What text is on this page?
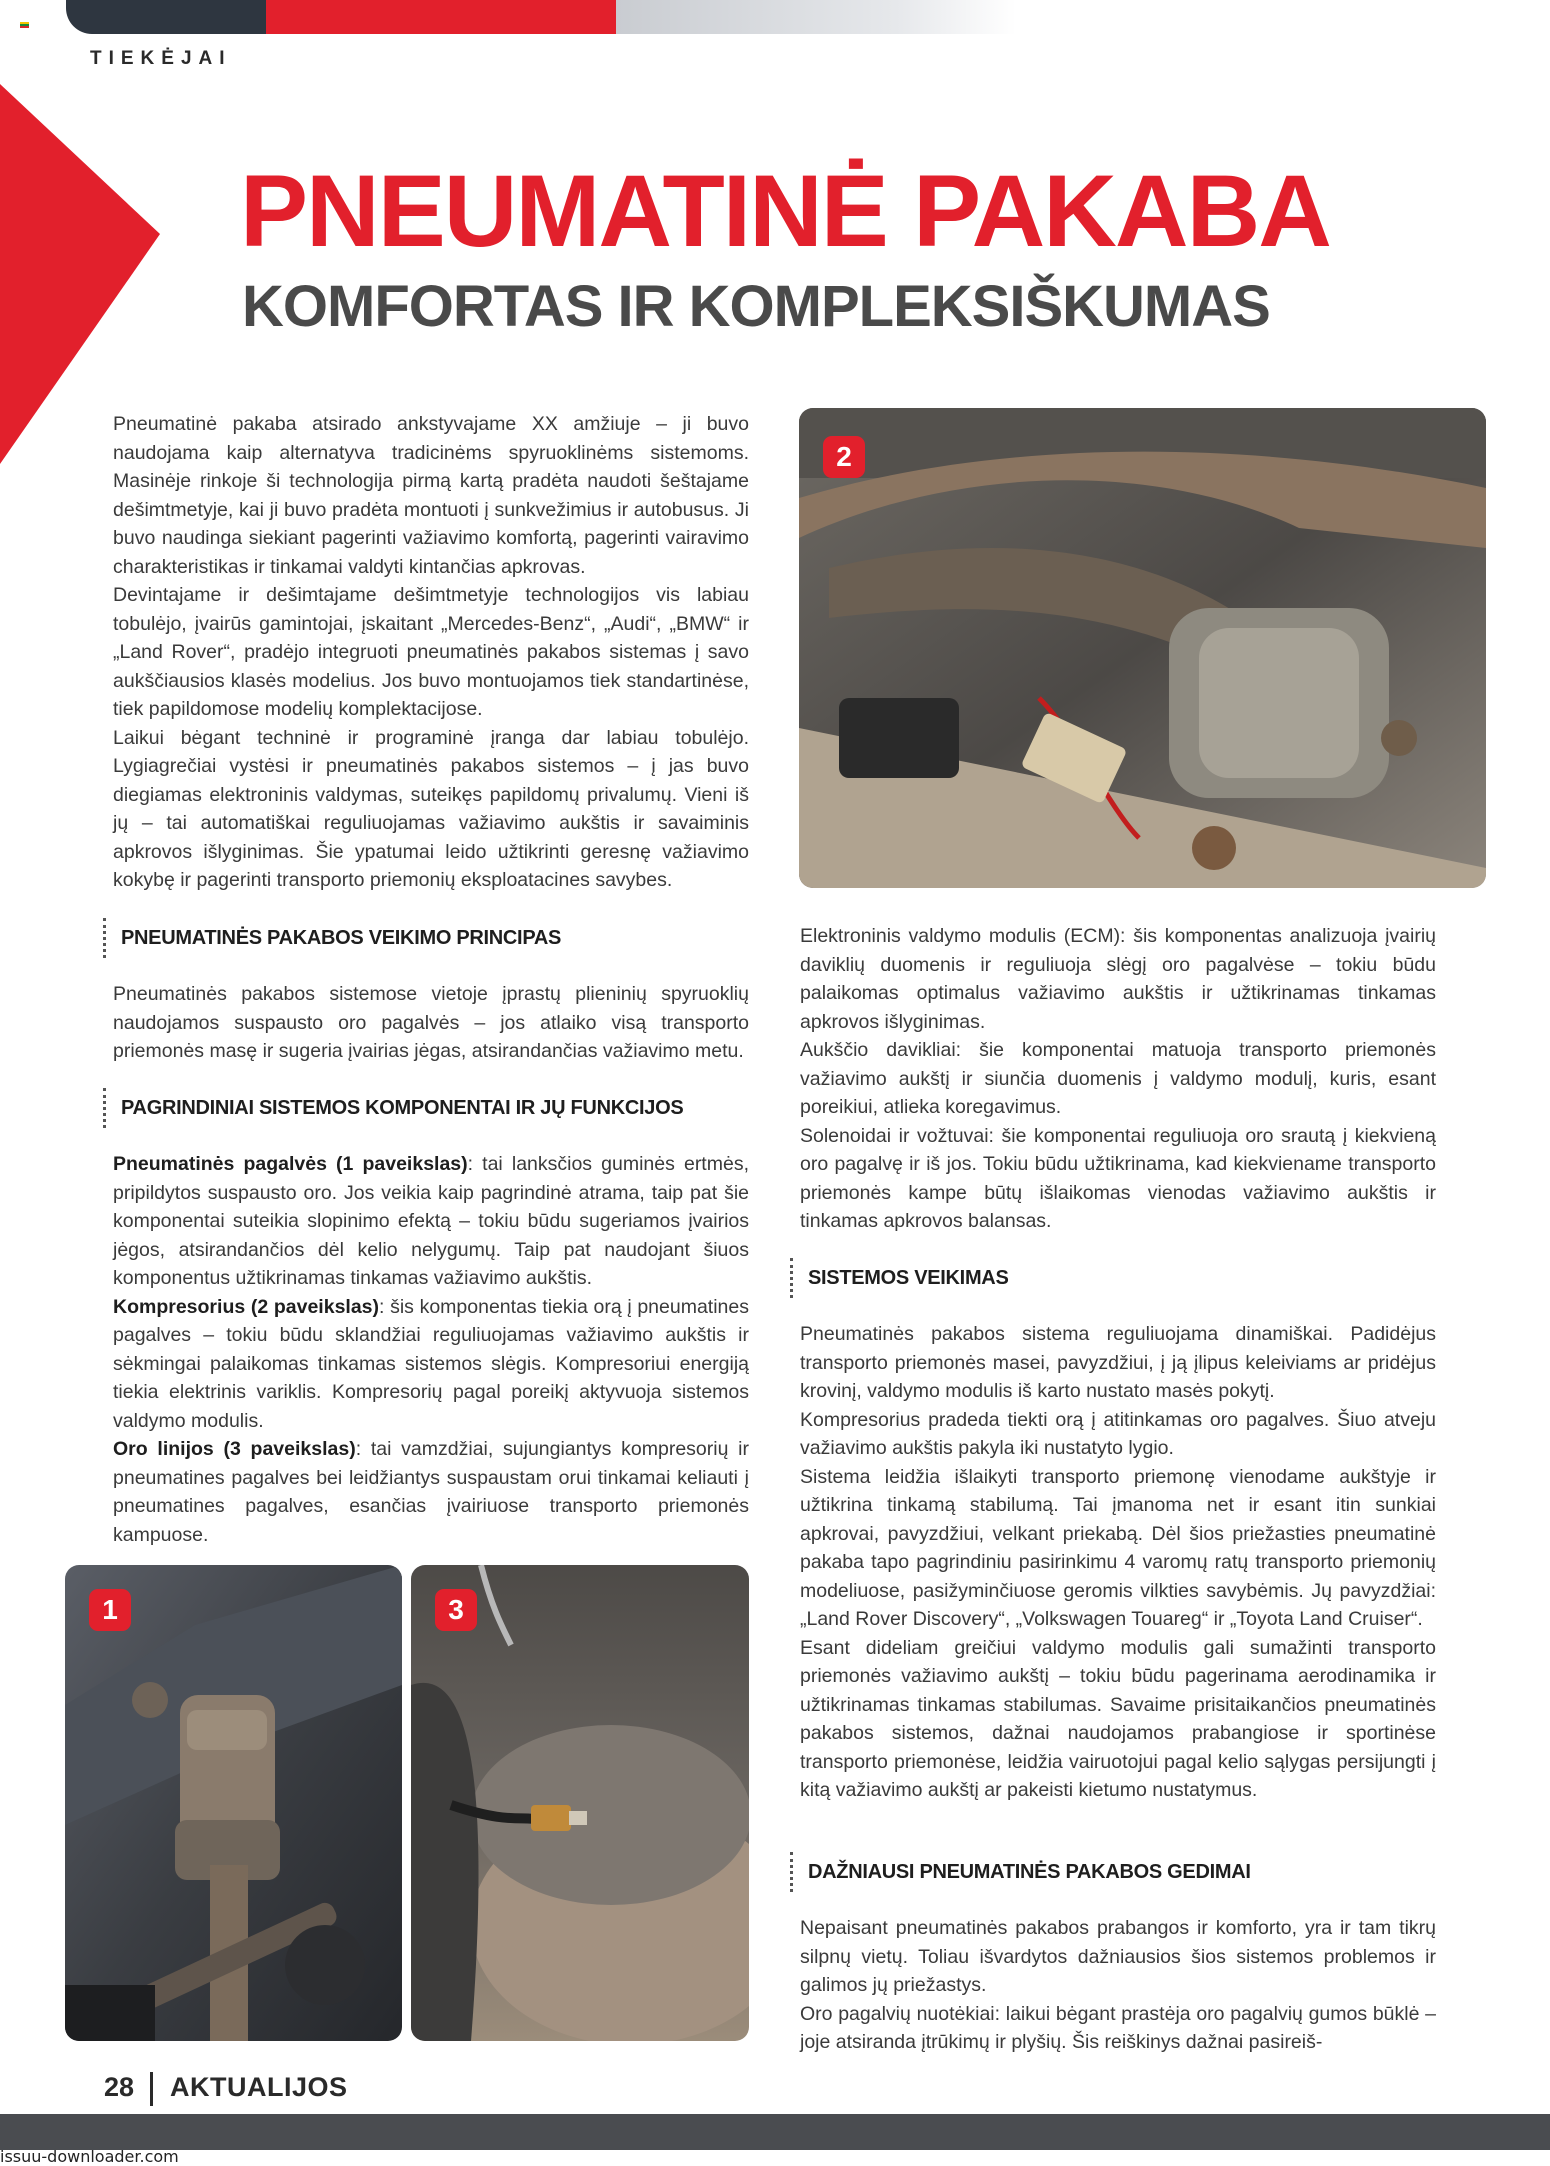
TIEKĖJAI
PNEUMATINĖ PAKABA
KOMFORTAS IR KOMPLEKSIŠKUMAS

Pneumatinė pakaba atsirado ankstyvajame XX amžiuje – ji buvo naudojama kaip alternatyva tradicinėms spyruoklinėms sistemoms. Masinėje rinkoje ši technologija pirmą kartą pradėta naudoti šeštajame dešimtmetyje, kai ji buvo pradėta montuoti į sunkvežimius ir autobusus. Ji buvo naudinga siekiant pagerinti važiavimo komfortą, pagerinti vairavimo charakteristikas ir tinkamai valdyti kintančias apkrovas.

Devintajame ir dešimtajame dešimtmetyje technologijos vis labiau tobulėjo, įvairūs gamintojai, įskaitant „Mercedes-Benz“, „Audi“, „BMW“ ir „Land Rover“, pradėjo integruoti pneumatinės pakabos sistemas į savo aukščiausios klasės modelius. Jos buvo montuojamos tiek standartinėse, tiek papildomose modelių komplektacijose.

Laikui bėgant techninė ir programinė įranga dar labiau tobulėjo. Lygiagrečiai vystėsi ir pneumatinės pakabos sistemos – į jas buvo diegiamas elektroninis valdymas, suteikęs papildomų privalumų. Vieni iš jų – tai automatiškai reguliuojamas važiavimo aukštis ir savaiminis apkrovos išlyginimas. Šie ypatumai leido užtikrinti geresnę važiavimo kokybę ir pagerinti transporto priemonių eksploatacines savybes.

PNEUMATINĖS PAKABOS VEIKIMO PRINCIPAS

Pneumatinės pakabos sistemose vietoje įprastų plieninių spyruoklių naudojamos suspausto oro pagalvės – jos atlaiko visą transporto priemonės masę ir sugeria įvairias jėgas, atsirandančias važiavimo metu.

PAGRINDINIAI SISTEMOS KOMPONENTAI IR JŲ FUNKCIJOS

Pneumatinės pagalvės (1 paveikslas): tai lanksčios guminės ertmės, pripildytos suspausto oro. Jos veikia kaip pagrindinė atrama, taip pat šie komponentai suteikia slopinimo efektą – tokiu būdu sugeriamos įvairios jėgos, atsirandančios dėl kelio nelygumų. Taip pat naudojant šiuos komponentus užtikrinamas tinkamas važiavimo aukštis.

Kompresorius (2 paveikslas): šis komponentas tiekia orą į pneumatines pagalves – tokiu būdu sklandžiai reguliuojamas važiavimo aukštis ir sėkmingai palaikomas tinkamas sistemos slėgis. Kompresoriui energiją tiekia elektrinis variklis. Kompresorių pagal poreikį aktyvuoja sistemos valdymo modulis.

Oro linijos (3 paveikslas): tai vamzdžiai, sujungiantys kompresorių ir pneumatines pagalves bei leidžiantys suspaustam orui tinkamai keliauti į pneumatines pagalves, esančias įvairiuose transporto priemonės kampuose.

1	3
2

Elektroninis valdymo modulis (ECM): šis komponentas analizuoja įvairių daviklių duomenis ir reguliuoja slėgį oro pagalvėse – tokiu būdu palaikomas optimalus važiavimo aukštis ir užtikrinamas tinkamas apkrovos išlyginimas.

Aukščio davikliai: šie komponentai matuoja transporto priemonės važiavimo aukštį ir siunčia duomenis į valdymo modulį, kuris, esant poreikiui, atlieka koregavimus.

Solenoidai ir vožtuvai: šie komponentai reguliuoja oro srautą į kiekvieną oro pagalvę ir iš jos. Tokiu būdu užtikrinama, kad kiekviename transporto priemonės kampe būtų išlaikomas vienodas važiavimo aukštis ir tinkamas apkrovos balansas.

SISTEMOS VEIKIMAS

Pneumatinės pakabos sistema reguliuojama dinamiškai. Padidėjus transporto priemonės masei, pavyzdžiui, į ją įlipus keleiviams ar pridėjus krovinį, valdymo modulis iš karto nustato masės pokytį.

Kompresorius pradeda tiekti orą į atitinkamas oro pagalves. Šiuo atveju važiavimo aukštis pakyla iki nustatyto lygio.

Sistema leidžia išlaikyti transporto priemonę vienodame aukštyje ir užtikrina tinkamą stabilumą. Tai įmanoma net ir esant itin sunkiai apkrovai, pavyzdžiui, velkant priekabą. Dėl šios priežasties pneumatinė pakaba tapo pagrindiniu pasirinkimu 4 varomų ratų transporto priemonių modeliuose, pasižyminčiuose geromis vilkties savybėmis. Jų pavyzdžiai: „Land Rover Discovery“, „Volkswagen Touareg“ ir „Toyota Land Cruiser“.

Esant dideliam greičiui valdymo modulis gali sumažinti transporto priemonės važiavimo aukštį – tokiu būdu pagerinama aerodinamika ir užtikrinamas tinkamas stabilumas. Savaime prisitaikančios pneumatinės pakabos sistemos, dažnai naudojamos prabangiose ir sportinėse transporto priemonėse, leidžia vairuotojui pagal kelio sąlygas persijungti į kitą važiavimo aukštį ar pakeisti kietumo nustatymus.

DAŽNIAUSI PNEUMATINĖS PAKABOS GEDIMAI

Nepaisant pneumatinės pakabos prabangos ir komforto, yra ir tam tikrų silpnų vietų. Toliau išvardytos dažniausios šios sistemos problemos ir galimos jų priežastys.

Oro pagalvių nuotėkiai: laikui bėgant prastėja oro pagalvių gumos būklė – joje atsiranda įtrūkimų ir plyšių. Šis reiškinys dažnai pasireiš-

28 AKTUALIJOS
issuu-downloader.com
